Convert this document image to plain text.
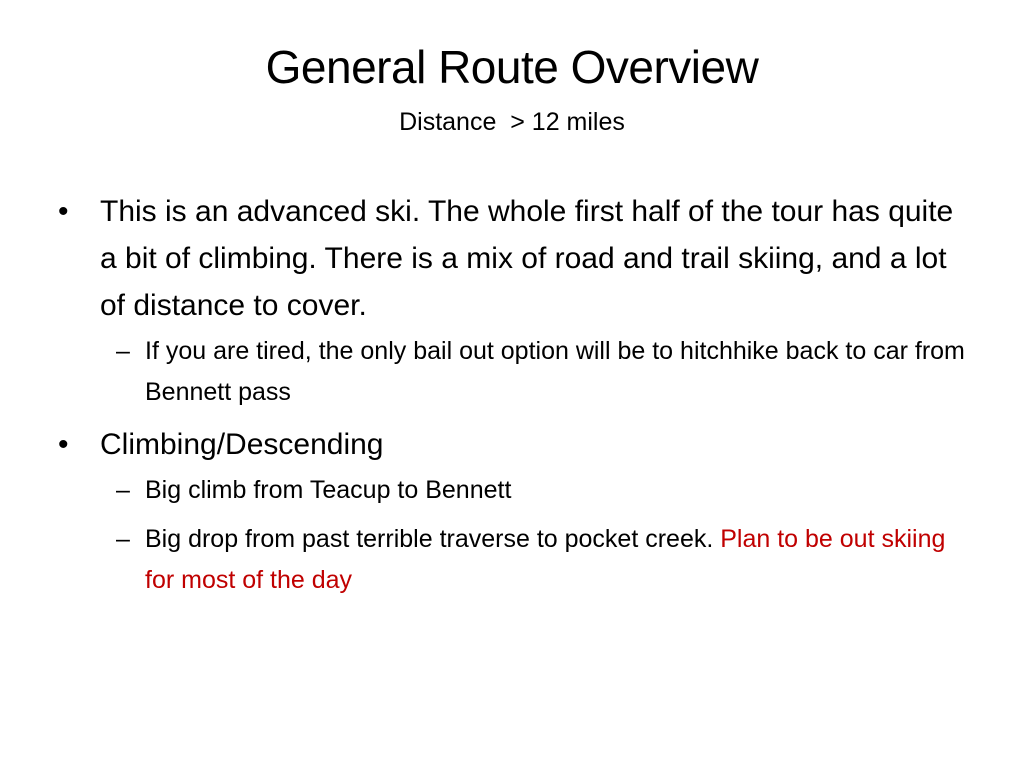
General Route Overview
Distance  > 12 miles
• This is an advanced ski. The whole first half of the tour has quite a bit of climbing. There is a mix of road and trail skiing, and a lot of distance to cover.
– If you are tired, the only bail out option will be to hitchhike back to car from Bennett pass
• Climbing/Descending
– Big climb from Teacup to Bennett
– Big drop from past terrible traverse to pocket creek. Plan to be out skiing for most of the day
